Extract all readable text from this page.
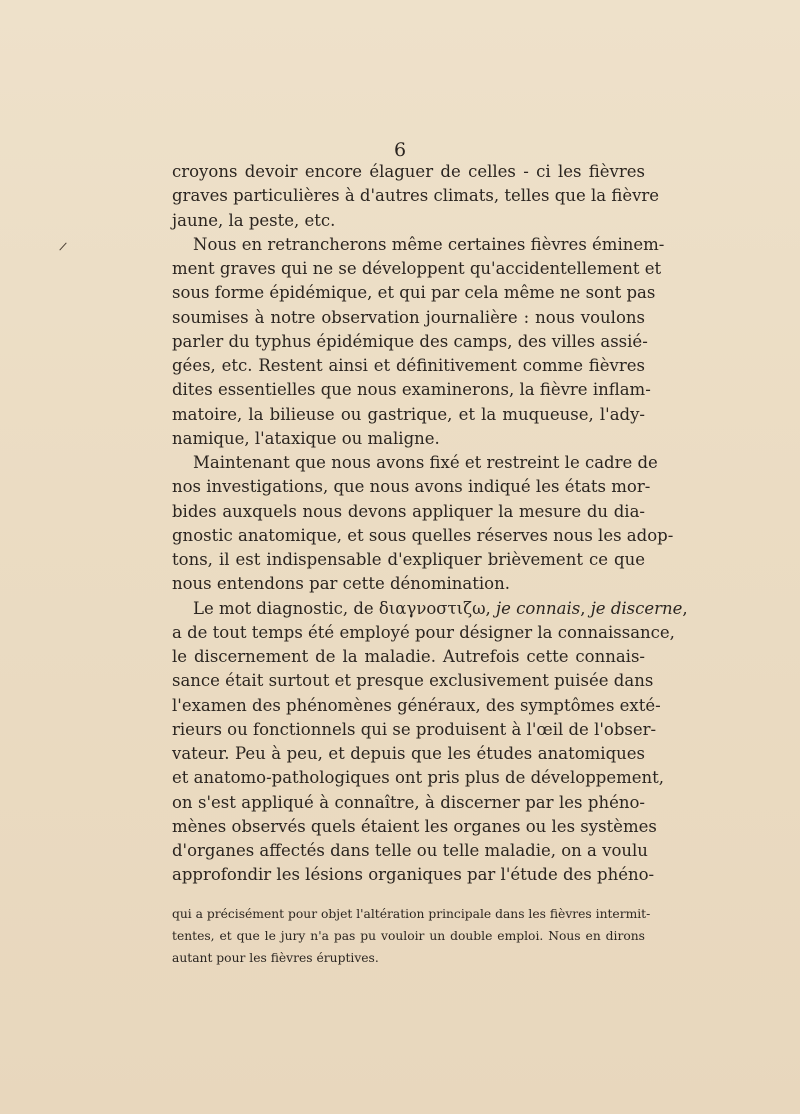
6
croyons devoir encore élaguer de celles - ci les fièvres
graves particulières à d'autres climats, telles que la fièvre
jaune, la peste, etc.
Nous en retrancherons même certaines fièvres éminem-
ment graves qui ne se développent qu'accidentellement et
sous forme épidémique, et qui par cela même ne sont pas
soumises à notre observation journalière : nous voulons
parler du typhus épidémique des camps, des villes assié-
gées, etc. Restent ainsi et définitivement comme fièvres
dites essentielles que nous examinerons, la fièvre inflam-
matoire, la bilieuse ou gastrique, et la muqueuse, l'ady-
namique, l'ataxique ou maligne.
Maintenant que nous avons fixé et restreint le cadre de
nos investigations, que nous avons indiqué les états mor-
bides auxquels nous devons appliquer la mesure du dia-
gnostic anatomique, et sous quelles réserves nous les adop-
tons, il est indispensable d'expliquer brièvement ce que
nous entendons par cette dénomination.
Le mot diagnostic, de διαγνοστιζω, je connais, je discerne,
a de tout temps été employé pour désigner la connaissance,
le discernement de la maladie. Autrefois cette connais-
sance était surtout et presque exclusivement puisée dans
l'examen des phénomènes généraux, des symptômes exté-
rieurs ou fonctionnels qui se produisent à l'œil de l'obser-
vateur. Peu à peu, et depuis que les études anatomiques
et anatomo-pathologiques ont pris plus de développement,
on s'est appliqué à connaître, à discerner par les phéno-
mènes observés quels étaient les organes ou les systèmes
d'organes affectés dans telle ou telle maladie, on a voulu
approfondir les lésions organiques par l'étude des phéno-
qui a précisément pour objet l'altération principale dans les fièvres intermit-
tentes, et que le jury n'a pas pu vouloir un double emploi. Nous en dirons
autant pour les fièvres éruptives.
